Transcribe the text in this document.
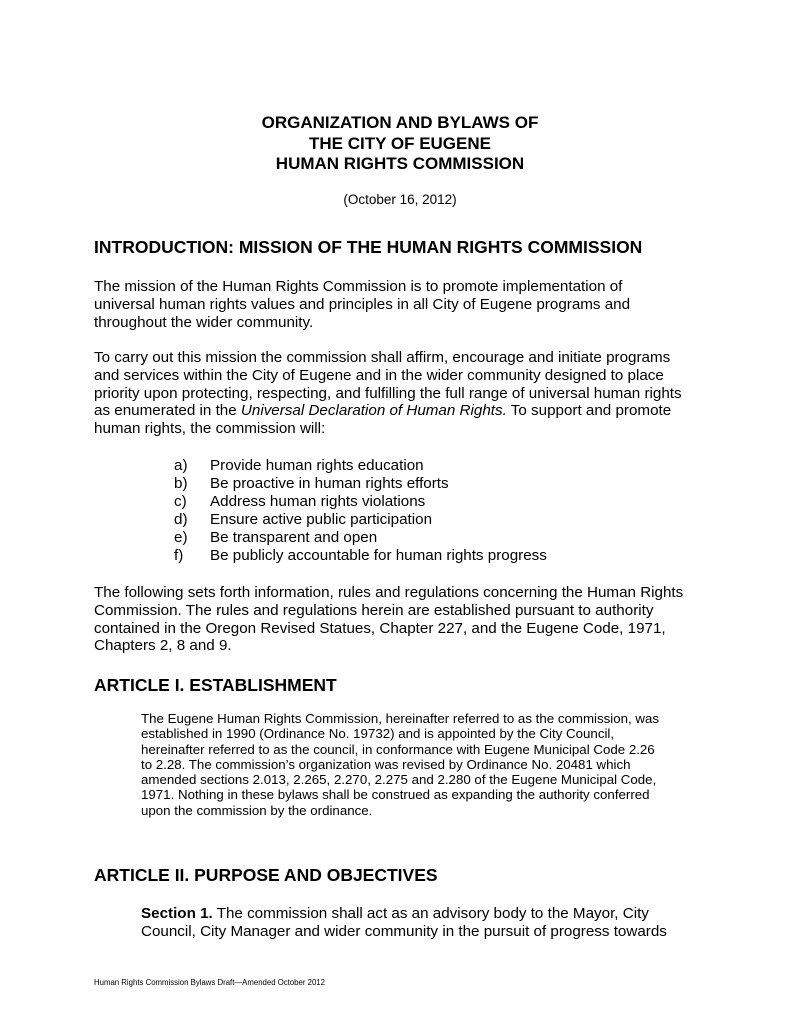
ORGANIZATION AND BYLAWS OF
THE CITY OF EUGENE
HUMAN RIGHTS COMMISSION

(October 16, 2012)

INTRODUCTION: MISSION OF THE HUMAN RIGHTS COMMISSION

The mission of the Human Rights Commission is to promote implementation of
universal human rights values and principles in all City of Eugene programs and
throughout the wider community.

To carry out this mission the commission shall affirm, encourage and initiate programs
and services within the City of Eugene and in the wider community designed to place
priority upon protecting, respecting, and fulfilling the full range of universal human rights
as enumerated in the Universal Declaration of Human Rights. To support and promote
human rights, the commission will:

a) Provide human rights education
b) Be proactive in human rights efforts
c) Address human rights violations
d) Ensure active public participation
e) Be transparent and open
f) Be publicly accountable for human rights progress

The following sets forth information, rules and regulations concerning the Human Rights
Commission. The rules and regulations herein are established pursuant to authority
contained in the Oregon Revised Statues, Chapter 227, and the Eugene Code, 1971,
Chapters 2, 8 and 9.

ARTICLE I. ESTABLISHMENT

The Eugene Human Rights Commission, hereinafter referred to as the commission, was
established in 1990 (Ordinance No. 19732) and is appointed by the City Council,
hereinafter referred to as the council, in conformance with Eugene Municipal Code 2.26
to 2.28. The commission’s organization was revised by Ordinance No. 20481 which
amended sections 2.013, 2.265, 2.270, 2.275 and 2.280 of the Eugene Municipal Code,
1971. Nothing in these bylaws shall be construed as expanding the authority conferred
upon the commission by the ordinance.

ARTICLE II. PURPOSE AND OBJECTIVES

Section 1. The commission shall act as an advisory body to the Mayor, City
Council, City Manager and wider community in the pursuit of progress towards

Human Rights Commission Bylaws Draft—Amended October 2012
